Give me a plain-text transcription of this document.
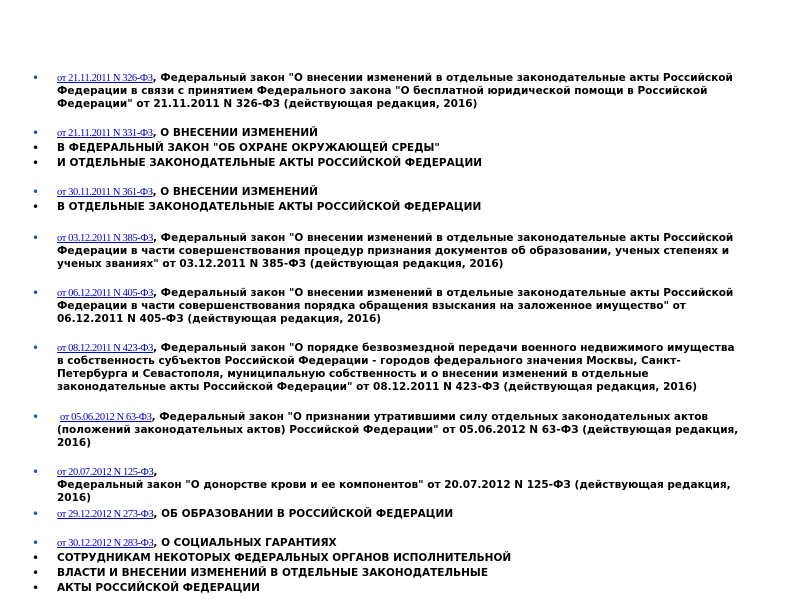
• от 21.11.2011 N 326-ФЗ, Федеральный закон "О внесении изменений в отдельные законодательные акты Российской
Федерации в связи с принятием Федерального закона "О бесплатной юридической помощи в Российской
Федерации" от 21.11.2011 N 326-ФЗ (действующая редакция, 2016)
• от 21.11.2011 N 331-ФЗ, О ВНЕСЕНИИ ИЗМЕНЕНИЙ
• В ФЕДЕРАЛЬНЫЙ ЗАКОН "ОБ ОХРАНЕ ОКРУЖАЮЩЕЙ СРЕДЫ"
• И ОТДЕЛЬНЫЕ ЗАКОНОДАТЕЛЬНЫЕ АКТЫ РОССИЙСКОЙ ФЕДЕРАЦИИ
• от 30.11.2011 N 361-ФЗ, О ВНЕСЕНИИ ИЗМЕНЕНИЙ
• В ОТДЕЛЬНЫЕ ЗАКОНОДАТЕЛЬНЫЕ АКТЫ РОССИЙСКОЙ ФЕДЕРАЦИИ
• от 03.12.2011 N 385-ФЗ, Федеральный закон "О внесении изменений в отдельные законодательные акты Российской
Федерации в части совершенствования процедур признания документов об образовании, ученых степенях и
ученых званиях" от 03.12.2011 N 385-ФЗ (действующая редакция, 2016)
• от 06.12.2011 N 405-ФЗ, Федеральный закон "О внесении изменений в отдельные законодательные акты Российской
Федерации в части совершенствования порядка обращения взыскания на заложенное имущество" от
06.12.2011 N 405-ФЗ (действующая редакция, 2016)
• от 08.12.2011 N 423-ФЗ, Федеральный закон "О порядке безвозмездной передачи военного недвижимого имущества
в собственность субъектов Российской Федерации - городов федерального значения Москвы, Санкт-
Петербурга и Севастополя, муниципальную собственность и о внесении изменений в отдельные
законодательные акты Российской Федерации" от 08.12.2011 N 423-ФЗ (действующая редакция, 2016)
• от 05.06.2012 N 63-ФЗ, Федеральный закон "О признании утратившими силу отдельных законодательных актов
(положений законодательных актов) Российской Федерации" от 05.06.2012 N 63-ФЗ (действующая редакция,
2016)
• от 20.07.2012 N 125-ФЗ,
Федеральный закон "О донорстве крови и ее компонентов" от 20.07.2012 N 125-ФЗ (действующая редакция,
2016)
• от 29.12.2012 N 273-ФЗ, ОБ ОБРАЗОВАНИИ В РОССИЙСКОЙ ФЕДЕРАЦИИ
• от 30.12.2012 N 283-ФЗ, О СОЦИАЛЬНЫХ ГАРАНТИЯХ
• СОТРУДНИКАМ НЕКОТОРЫХ ФЕДЕРАЛЬНЫХ ОРГАНОВ ИСПОЛНИТЕЛЬНОЙ
• ВЛАСТИ И ВНЕСЕНИИ ИЗМЕНЕНИЙ В ОТДЕЛЬНЫЕ ЗАКОНОДАТЕЛЬНЫЕ
• АКТЫ РОССИЙСКОЙ ФЕДЕРАЦИИ
